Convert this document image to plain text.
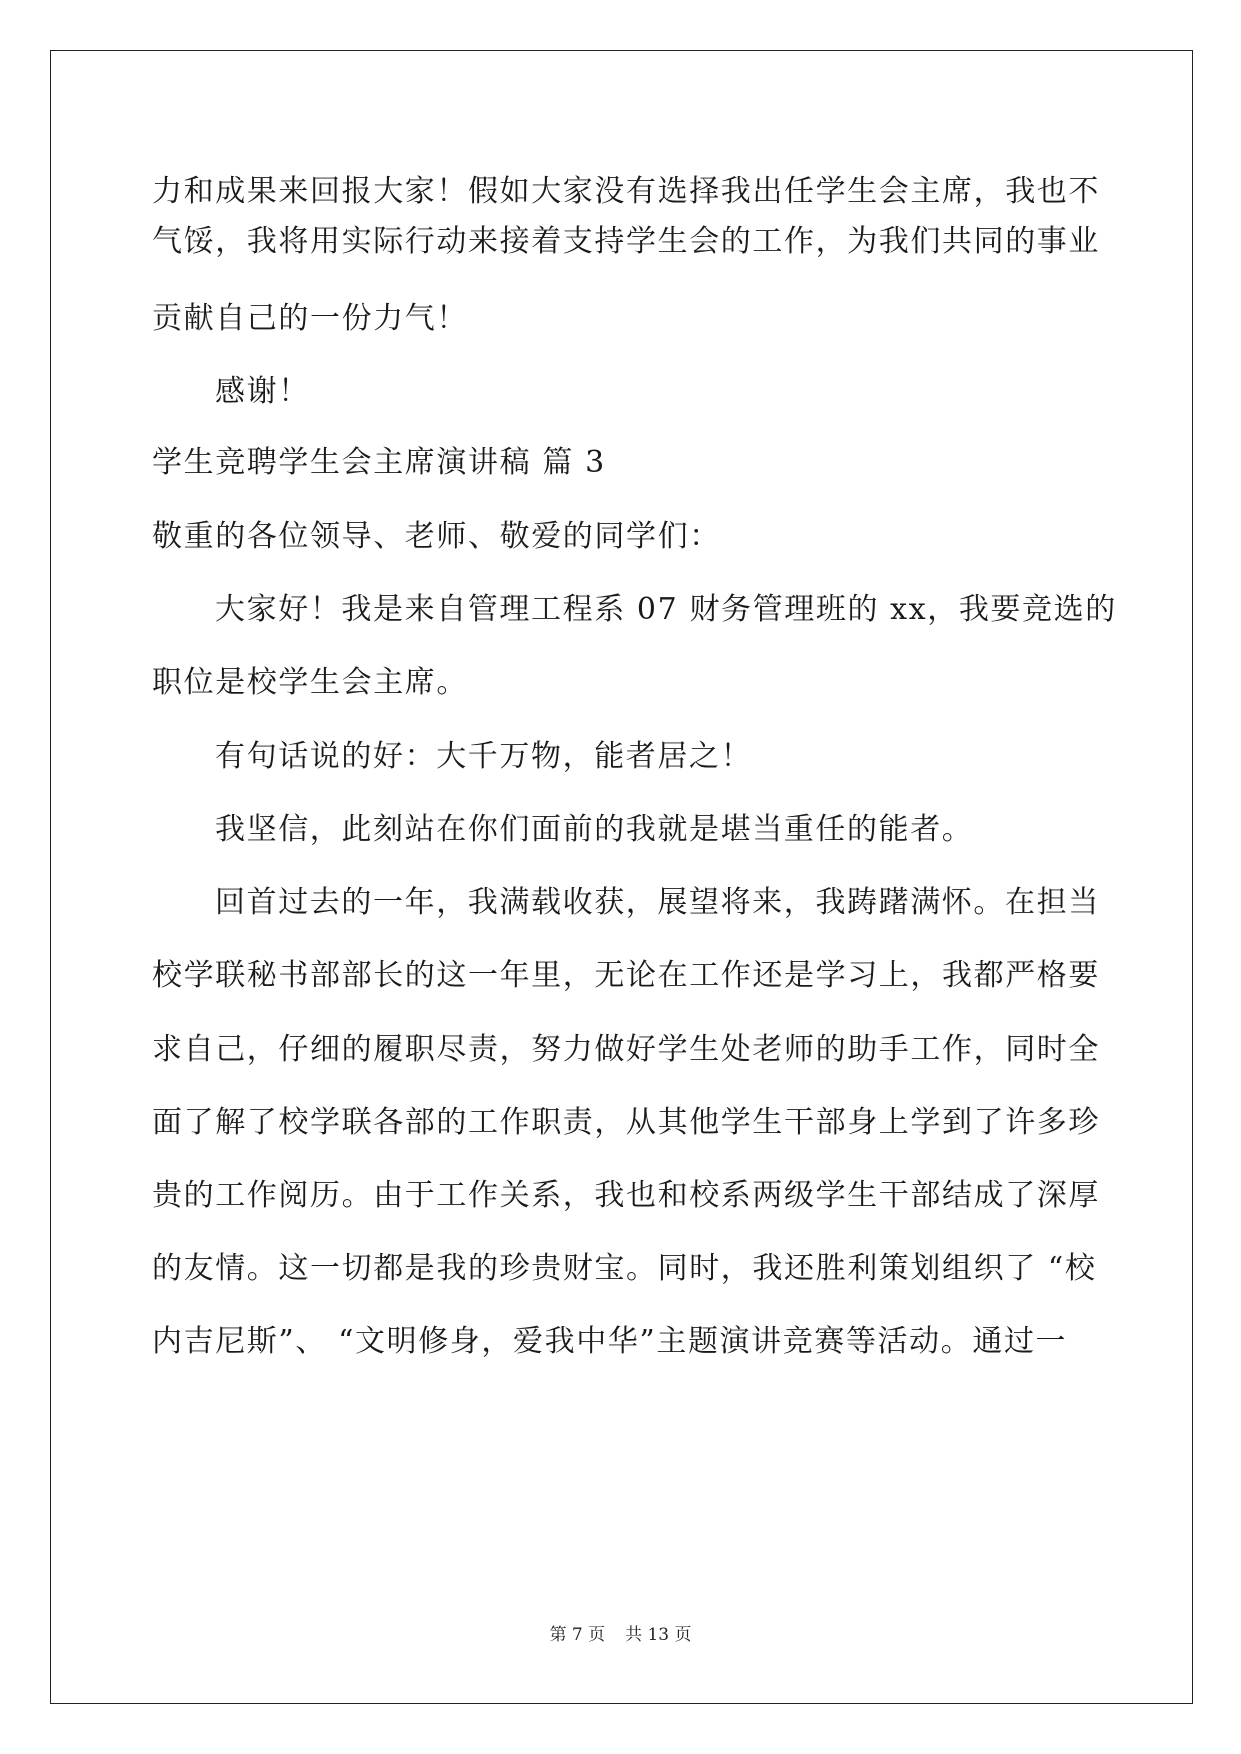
力和成果来回报大家！假如大家没有选择我出任学生会主席，我也不
气馁，我将用实际行动来接着支持学生会的工作，为我们共同的事业
贡献自己的一份力气！
感谢！
学生竞聘学生会主席演讲稿 篇 3
敬重的各位领导、老师、敬爱的同学们：
大家好！我是来自管理工程系 07 财务管理班的 xx，我要竞选的
职位是校学生会主席。
有句话说的好：大千万物，能者居之！
我坚信，此刻站在你们面前的我就是堪当重任的能者。
回首过去的一年，我满载收获，展望将来，我踌躇满怀。在担当
校学联秘书部部长的这一年里，无论在工作还是学习上，我都严格要
求自己，仔细的履职尽责，努力做好学生处老师的助手工作，同时全
面了解了校学联各部的工作职责，从其他学生干部身上学到了许多珍
贵的工作阅历。由于工作关系，我也和校系两级学生干部结成了深厚
的友情。这一切都是我的珍贵财宝。同时，我还胜利策划组织了 “校
内吉尼斯”、 “文明修身，爱我中华”主题演讲竞赛等活动。通过一
第 7 页 共 13 页
